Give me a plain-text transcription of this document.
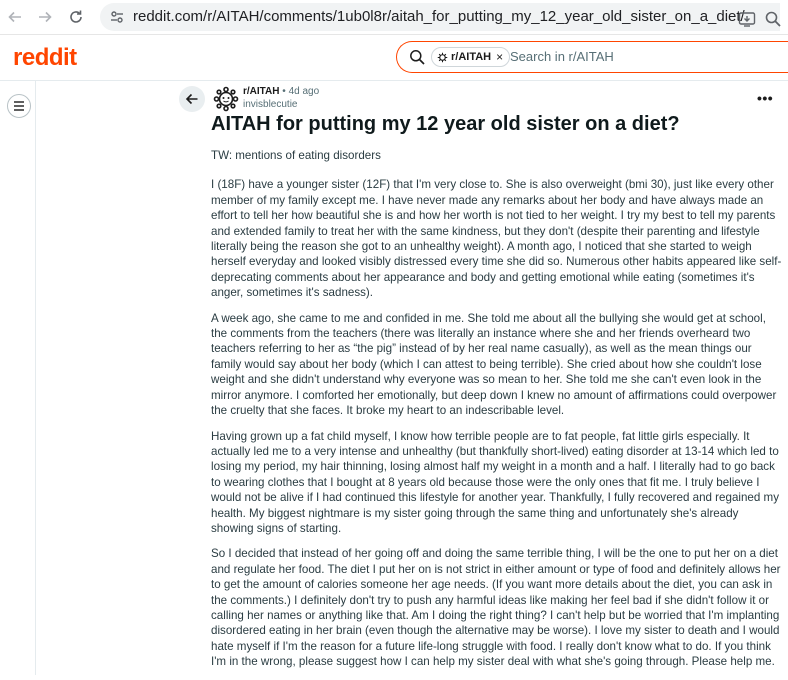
reddit.com/r/AITAH/comments/1ub0l8r/aitah_for_putting_my_12_year_old_sister_on_a_diet/
reddit	r/AITAH × Search in r/AITAH
r/AITAH • 4d ago
invisblecutie	•••
AITAH for putting my 12 year old sister on a diet?

TW: mentions of eating disorders

I (18F) have a younger sister (12F) that I'm very close to. She is also overweight (bmi 30), just like every other member of my family except me. I have never made any remarks about her body and have always made an effort to tell her how beautiful she is and how her worth is not tied to her weight. I try my best to tell my parents and extended family to treat her with the same kindness, but they don't (despite their parenting and lifestyle literally being the reason she got to an unhealthy weight). A month ago, I noticed that she started to weigh herself everyday and looked visibly distressed every time she did so. Numerous other habits appeared like self-deprecating comments about her appearance and body and getting emotional while eating (sometimes it's anger, sometimes it's sadness).

A week ago, she came to me and confided in me. She told me about all the bullying she would get at school, the comments from the teachers (there was literally an instance where she and her friends overheard two teachers referring to her as “the pig” instead of by her real name casually), as well as the mean things our family would say about her body (which I can attest to being terrible). She cried about how she couldn't lose weight and she didn't understand why everyone was so mean to her. She told me she can't even look in the mirror anymore. I comforted her emotionally, but deep down I knew no amount of affirmations could overpower the cruelty that she faces. It broke my heart to an indescribable level.

Having grown up a fat child myself, I know how terrible people are to fat people, fat little girls especially. It actually led me to a very intense and unhealthy (but thankfully short-lived) eating disorder at 13-14 which led to losing my period, my hair thinning, losing almost half my weight in a month and a half. I literally had to go back to wearing clothes that I bought at 8 years old because those were the only ones that fit me. I truly believe I would not be alive if I had continued this lifestyle for another year. Thankfully, I fully recovered and regained my health. My biggest nightmare is my sister going through the same thing and unfortunately she's already showing signs of starting.

So I decided that instead of her going off and doing the same terrible thing, I will be the one to put her on a diet and regulate her food. The diet I put her on is not strict in either amount or type of food and definitely allows her to get the amount of calories someone her age needs. (If you want more details about the diet, you can ask in the comments.) I definitely don't try to push any harmful ideas like making her feel bad if she didn't follow it or calling her names or anything like that. Am I doing the right thing? I can't help but be worried that I'm implanting disordered eating in her brain (even though the alternative may be worse). I love my sister to death and I would hate myself if I'm the reason for a future life-long struggle with food. I really don't know what to do. If you think I'm in the wrong, please suggest how I can help my sister deal with what she's going through. Please help me.
